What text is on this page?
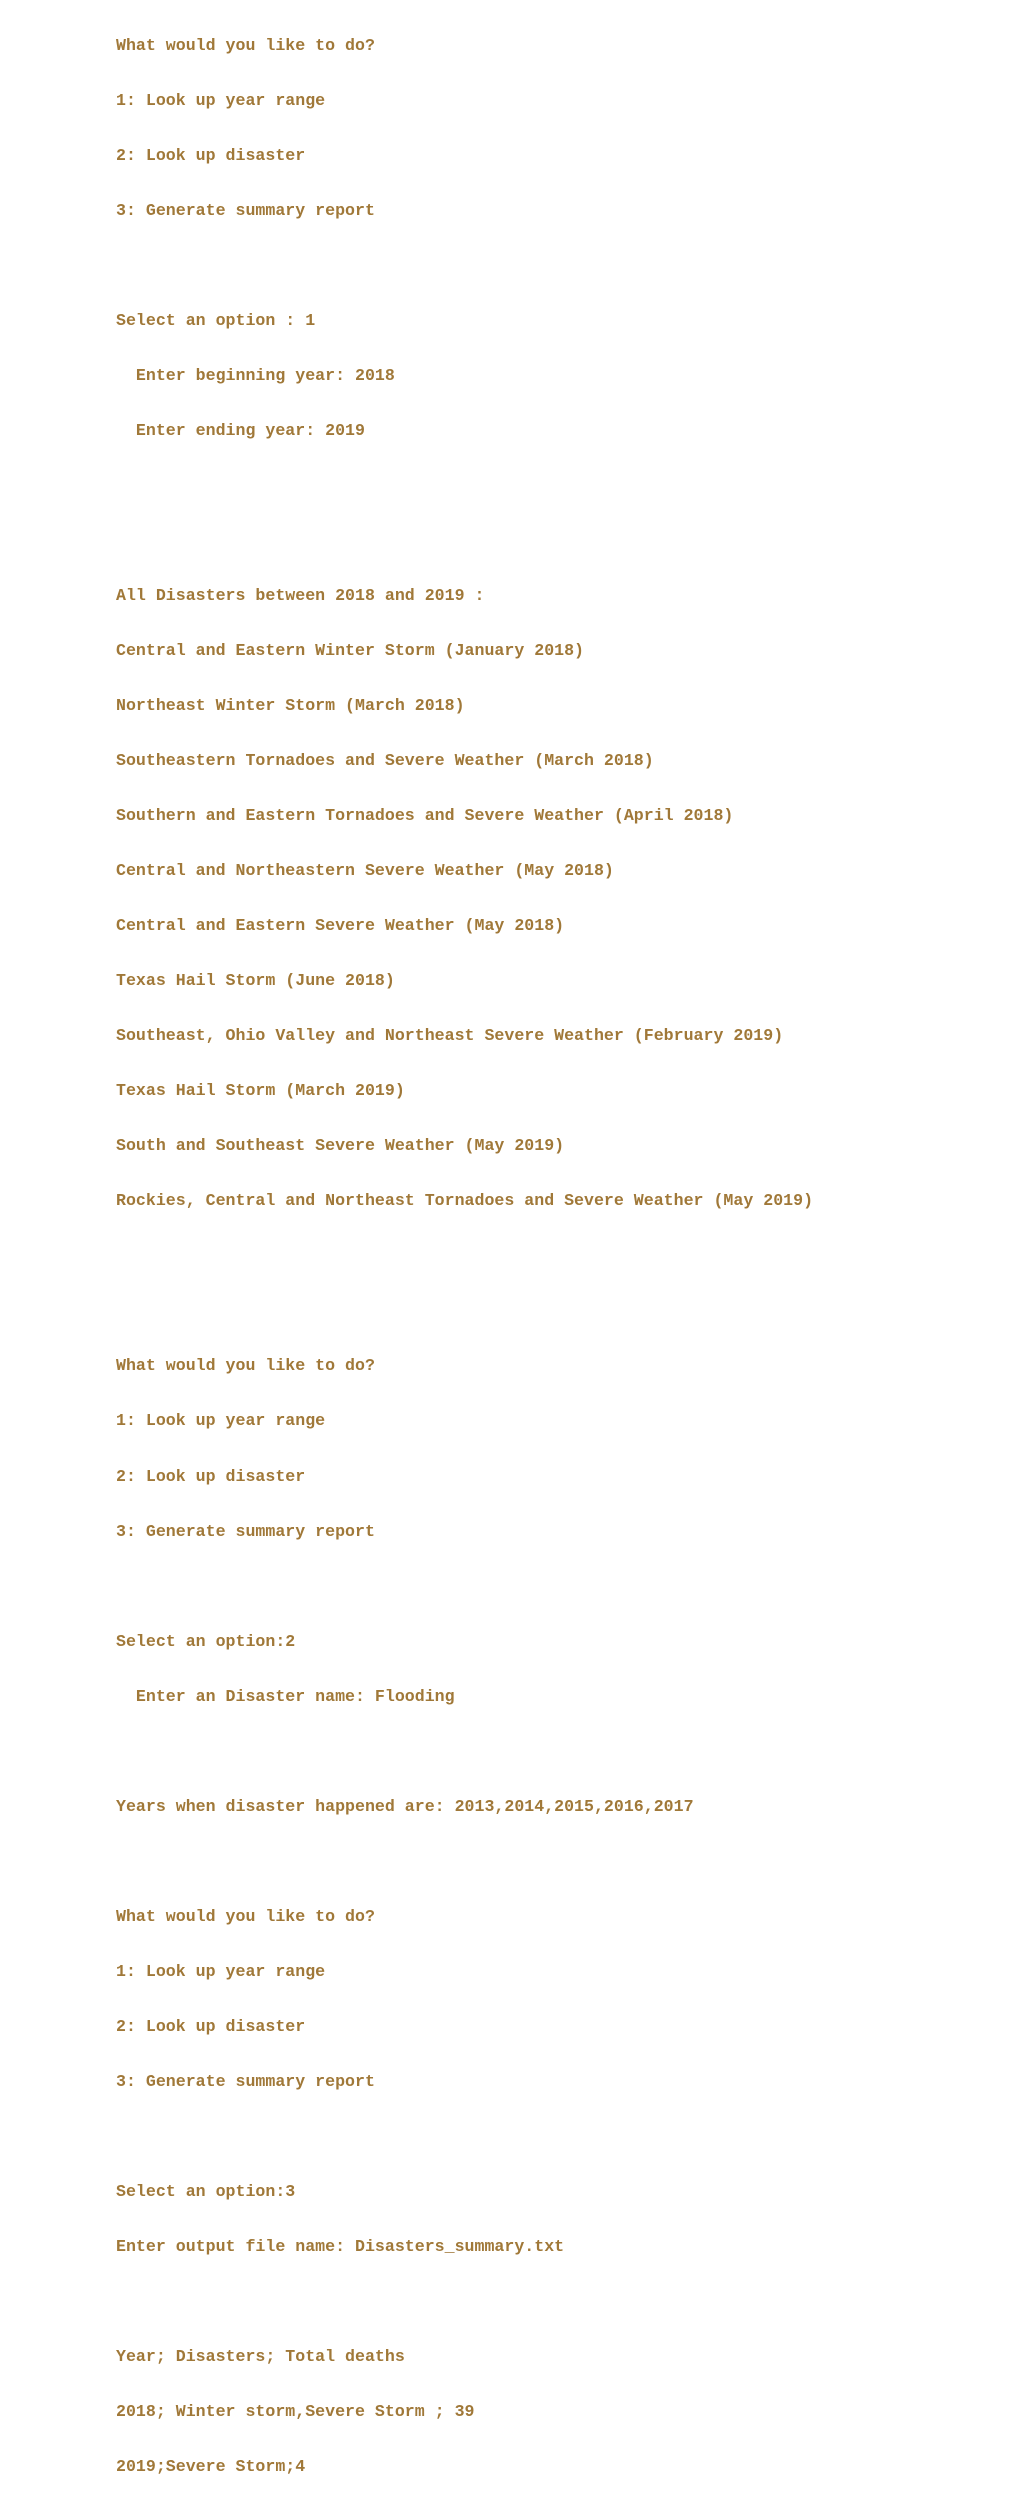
What would you like to do?

1: Look up year range

2: Look up disaster

3: Generate summary report

Select an option : 1

Enter beginning year: 2018

Enter ending year: 2019

All Disasters between 2018 and 2019 :

Central and Eastern Winter Storm (January 2018)

Northeast Winter Storm (March 2018)

Southeastern Tornadoes and Severe Weather (March 2018)

Southern and Eastern Tornadoes and Severe Weather (April 2018)

Central and Northeastern Severe Weather (May 2018)

Central and Eastern Severe Weather (May 2018)

Texas Hail Storm (June 2018)

Southeast, Ohio Valley and Northeast Severe Weather (February 2019)

Texas Hail Storm (March 2019)

South and Southeast Severe Weather (May 2019)

Rockies, Central and Northeast Tornadoes and Severe Weather (May 2019)

What would you like to do?

1: Look up year range

2: Look up disaster

3: Generate summary report

Select an option:2

Enter an Disaster name: Flooding

Years when disaster happened are: 2013,2014,2015,2016,2017

What would you like to do?

1: Look up year range

2: Look up disaster

3: Generate summary report

Select an option:3

Enter output file name: Disasters_summary.txt

Year; Disasters; Total deaths

2018; Winter storm,Severe Storm ; 39

2019;Severe Storm;4
